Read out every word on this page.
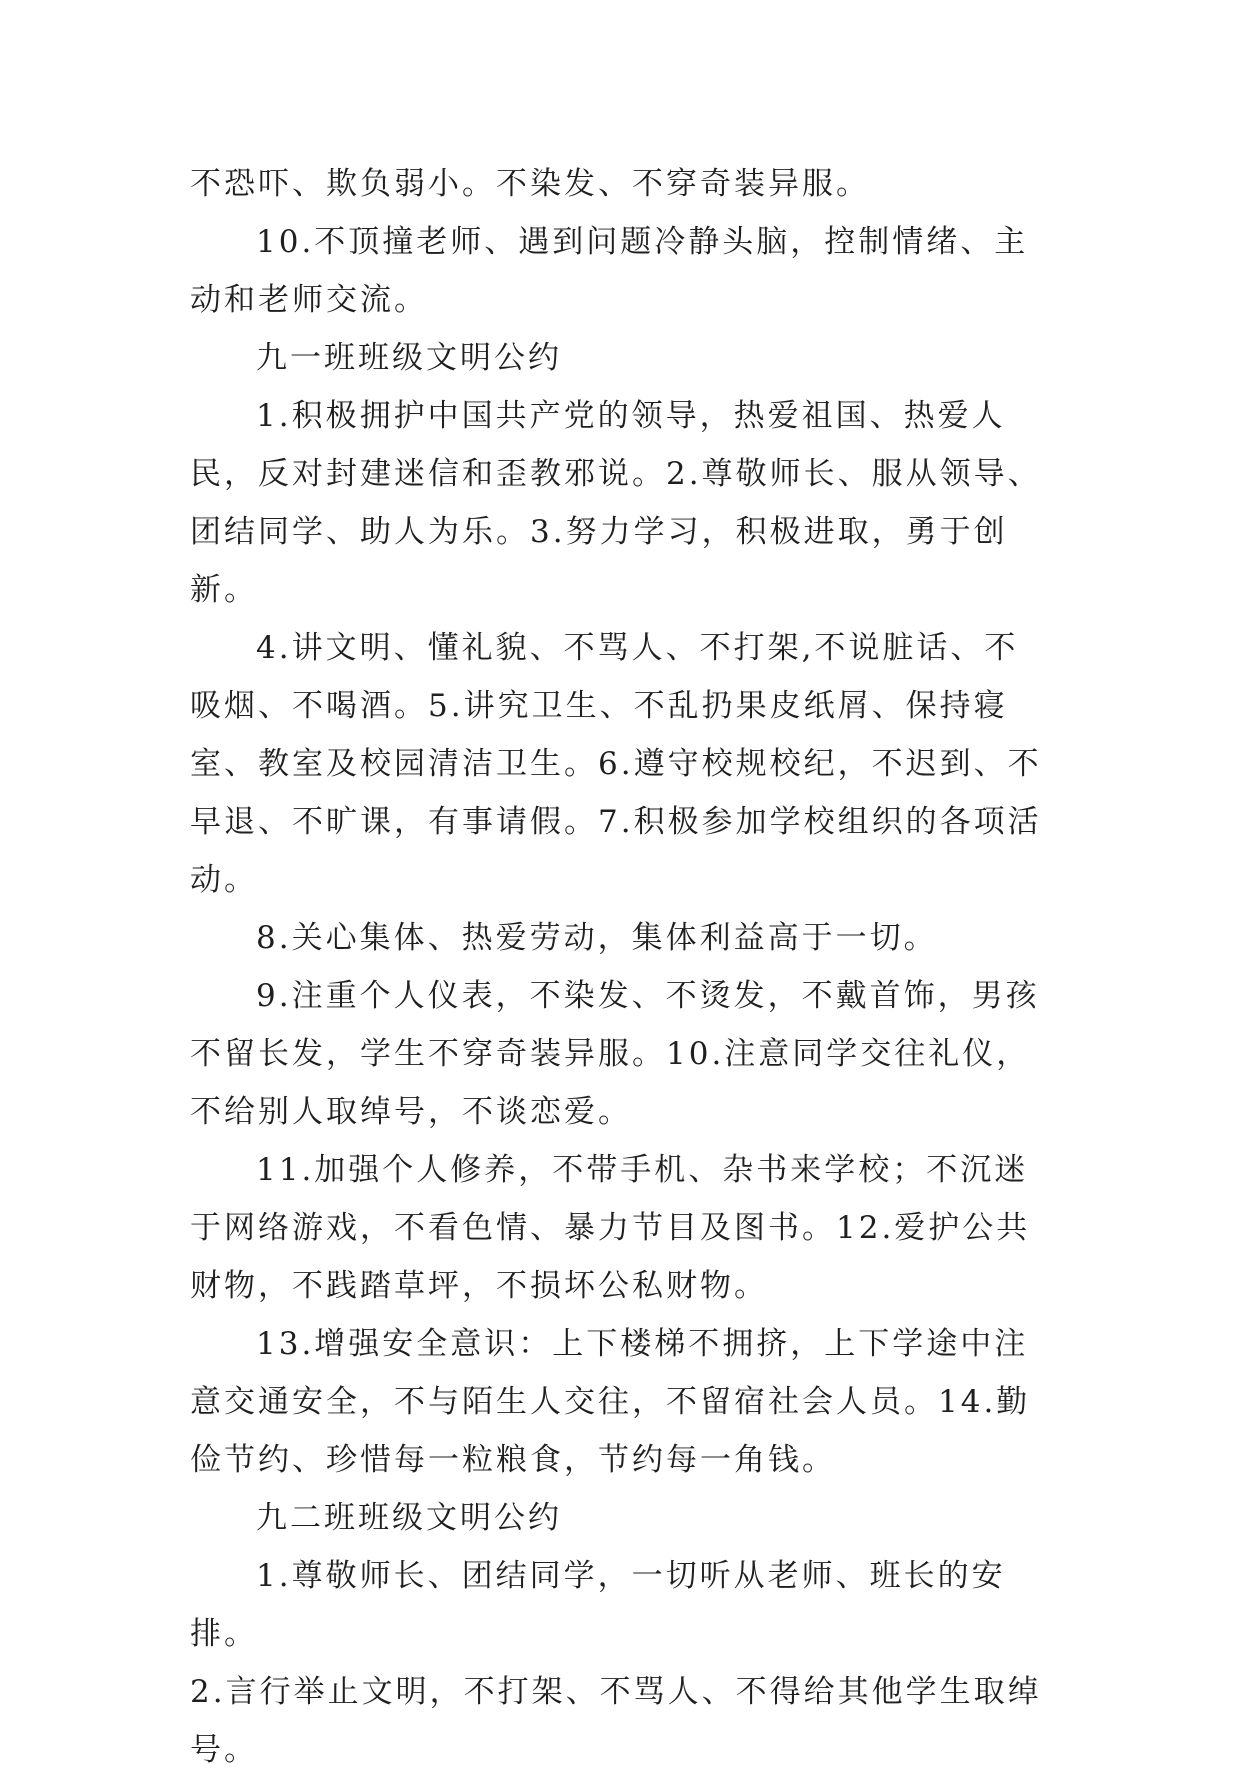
不恐吓、欺负弱小。不染发、不穿奇装异服。

10.不顶撞老师、遇到问题冷静头脑，控制情绪、主动和老师交流。

九一班班级文明公约

1.积极拥护中国共产党的领导，热爱祖国、热爱人民，反对封建迷信和歪教邪说。2.尊敬师长、服从领导、团结同学、助人为乐。3.努力学习，积极进取，勇于创新。

4.讲文明、懂礼貌、不骂人、不打架,不说脏话、不吸烟、不喝酒。5.讲究卫生、不乱扔果皮纸屑、保持寝室、教室及校园清洁卫生。6.遵守校规校纪，不迟到、不早退、不旷课，有事请假。7.积极参加学校组织的各项活动。

8.关心集体、热爱劳动，集体利益高于一切。

9.注重个人仪表，不染发、不烫发，不戴首饰，男孩不留长发，学生不穿奇装异服。10.注意同学交往礼仪，不给别人取绰号，不谈恋爱。

11.加强个人修养，不带手机、杂书来学校；不沉迷于网络游戏，不看色情、暴力节目及图书。12.爱护公共财物，不践踏草坪，不损坏公私财物。

13.增强安全意识：上下楼梯不拥挤，上下学途中注意交通安全，不与陌生人交往，不留宿社会人员。14.勤俭节约、珍惜每一粒粮食，节约每一角钱。

九二班班级文明公约

1.尊敬师长、团结同学，一切听从老师、班长的安排。

2.言行举止文明，不打架、不骂人、不得给其他学生取绰号。
